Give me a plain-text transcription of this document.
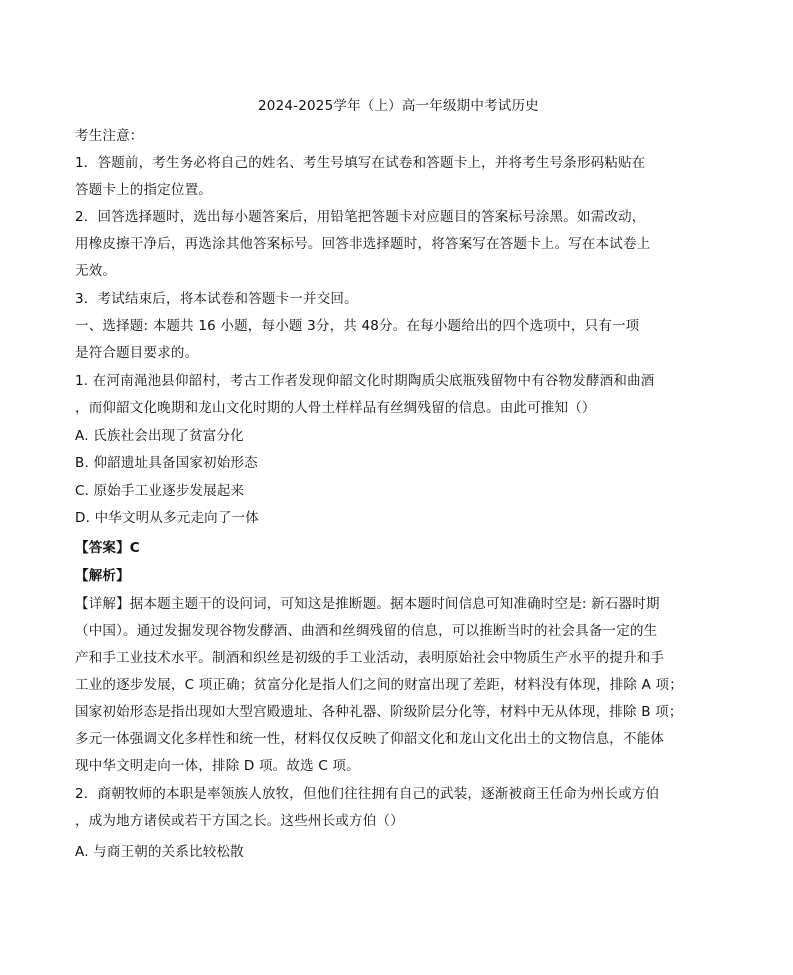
2024-2025学年（上）高一年级期中考试历史
考生注意：
1．答题前，考生务必将自己的姓名、考生号填写在试卷和答题卡上，并将考生号条形码粘贴在
答题卡上的指定位置。
2．回答选择题时，选出每小题答案后，用铅笔把答题卡对应题目的答案标号涂黑。如需改动，
用橡皮擦干净后，再选涂其他答案标号。回答非选择题时，将答案写在答题卡上。写在本试卷上
无效。
3．考试结束后，将本试卷和答题卡一并交回。
一、选择题: 本题共 16 小题，每小题 3分，共 48分。在每小题给出的四个选项中，只有一项
是符合题目要求的。
1. 在河南渑池县仰韶村，考古工作者发现仰韶文化时期陶质尖底瓶残留物中有谷物发酵酒和曲酒
，而仰韶文化晚期和龙山文化时期的人骨土样样品有丝绸残留的信息。由此可推知（）
A. 氏族社会出现了贫富分化
B. 仰韶遗址具备国家初始形态
C. 原始手工业逐步发展起来
D. 中华文明从多元走向了一体
【答案】C
【解析】
【详解】据本题主题干的设问词，可知这是推断题。据本题时间信息可知准确时空是: 新石器时期
（中国）。通过发掘发现谷物发酵酒、曲酒和丝绸残留的信息，可以推断当时的社会具备一定的生
产和手工业技术水平。制酒和织丝是初级的手工业活动，表明原始社会中物质生产水平的提升和手
工业的逐步发展，C 项正确；贫富分化是指人们之间的财富出现了差距，材料没有体现，排除 A 项；
国家初始形态是指出现如大型宫殿遗址、各种礼器、阶级阶层分化等，材料中无从体现，排除 B 项；
多元一体强调文化多样性和统一性，材料仅仅反映了仰韶文化和龙山文化出土的文物信息，不能体
现中华文明走向一体，排除 D 项。故选 C 项。
2．商朝牧师的本职是率领族人放牧，但他们往往拥有自己的武装，逐渐被商王任命为州长或方伯
，成为地方诸侯或若干方国之长。这些州长或方伯（）
A. 与商王朝的关系比较松散
